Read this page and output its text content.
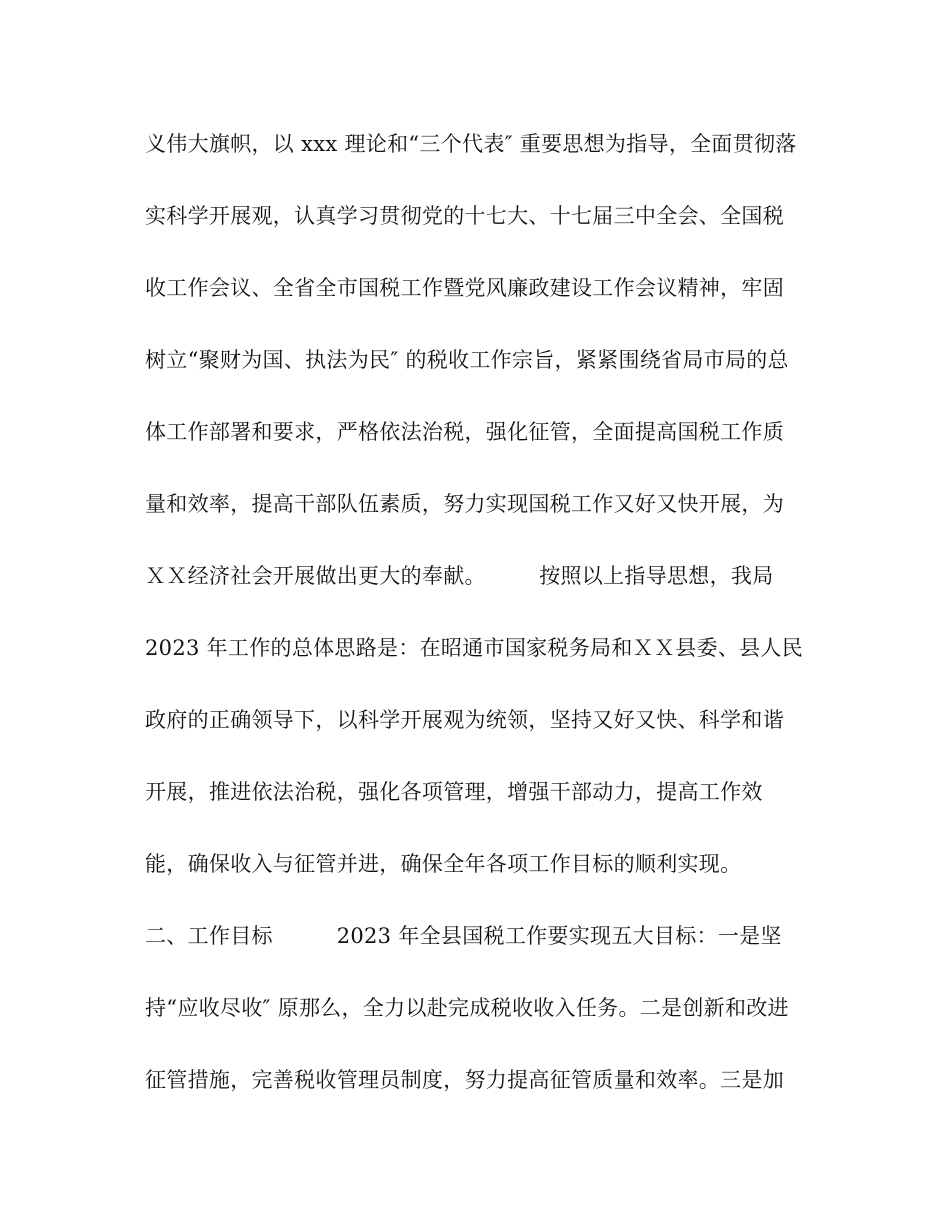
义伟大旗帜，以 xxx 理论和“三个代表″ 重要思想为指导，全面贯彻落
实科学开展观，认真学习贯彻党的十七大、十七届三中全会、全国税
收工作会议、全省全市国税工作暨党风廉政建设工作会议精神，牢固
树立“聚财为国、执法为民″ 的税收工作宗旨，紧紧围绕省局市局的总
体工作部署和要求，严格依法治税，强化征管，全面提高国税工作质
量和效率，提高干部队伍素质，努力实现国税工作又好又快开展，为
ＸＸ经济社会开展做出更大的奉献。　　　按照以上指导思想，我局
2023 年工作的总体思路是：在昭通市国家税务局和ＸＸ县委、县人民
政府的正确领导下，以科学开展观为统领，坚持又好又快、科学和谐
开展，推进依法治税，强化各项管理，增强干部动力，提高工作效
能，确保收入与征管并进，确保全年各项工作目标的顺利实现。
二、工作目标　　　2023 年全县国税工作要实现五大目标：一是坚
持“应收尽收″ 原那么，全力以赴完成税收收入任务。二是创新和改进
征管措施，完善税收管理员制度，努力提高征管质量和效率。三是加
